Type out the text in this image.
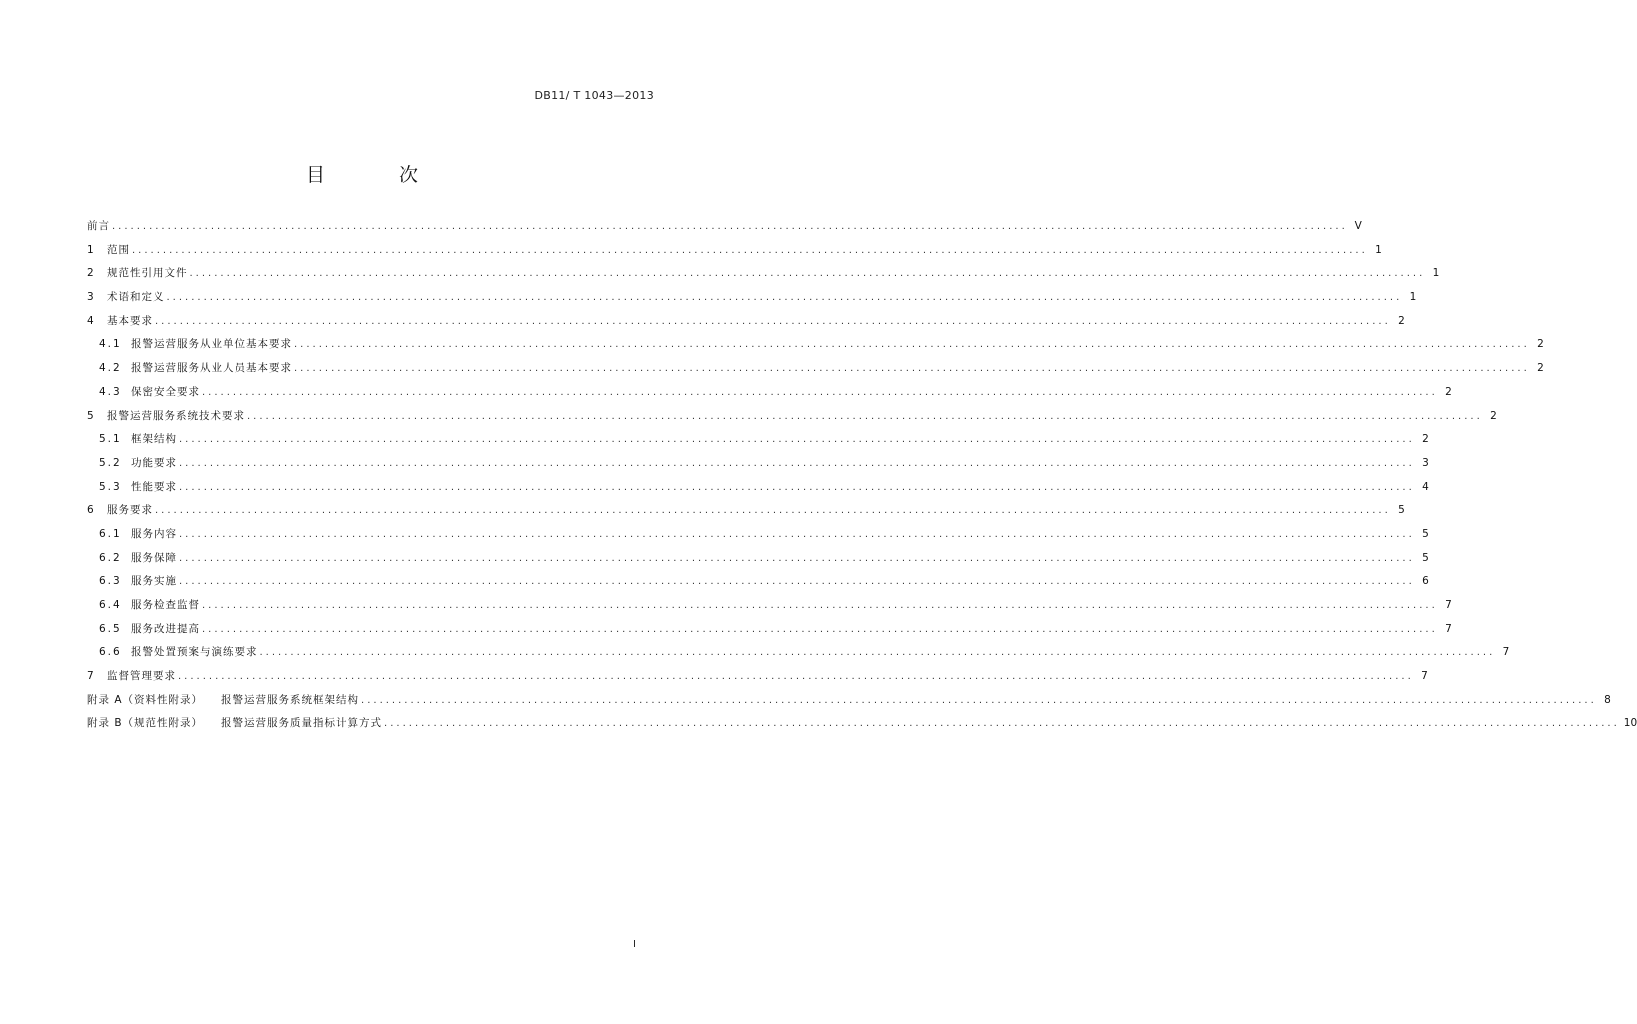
DB11/ T 1043—2013
目 次
前言 ........................................................................................................................................................................................................ V
1	范围 ........................................................................................................................................................................................................ 1
2	规范性引用文件 ........................................................................................................................................................................................................ 1
3	术语和定义 ........................................................................................................................................................................................................ 1
4	基本要求 ........................................................................................................................................................................................................ 2
4.1 报警运营服务从业单位基本要求 ........................................................................................................................................................................................................ 2
4.2 报警运营服务从业人员基本要求 ........................................................................................................................................................................................................ 2
4.3 保密安全要求 ........................................................................................................................................................................................................ 2
5	报警运营服务系统技术要求 ........................................................................................................................................................................................................ 2
5.1 框架结构 ........................................................................................................................................................................................................ 2
5.2 功能要求 ........................................................................................................................................................................................................ 3
5.3 性能要求 ........................................................................................................................................................................................................ 4
6	服务要求 ........................................................................................................................................................................................................ 5
6.1 服务内容 ........................................................................................................................................................................................................ 5
6.2 服务保障 ........................................................................................................................................................................................................ 5
6.3 服务实施 ........................................................................................................................................................................................................ 6
6.4 服务检查监督 ........................................................................................................................................................................................................ 7
6.5 服务改进提高 ........................................................................................................................................................................................................ 7
6.6 报警处置预案与演练要求 ........................................................................................................................................................................................................ 7
7	监督管理要求 ........................................................................................................................................................................................................ 7
附录 A（资料性附录） 报警运营服务系统框架结构 ........................................................................................................................................................................................................ 8
附录 B（规范性附录） 报警运营服务质量指标计算方式 ........................................................................................................................................................................................................ 10
I
